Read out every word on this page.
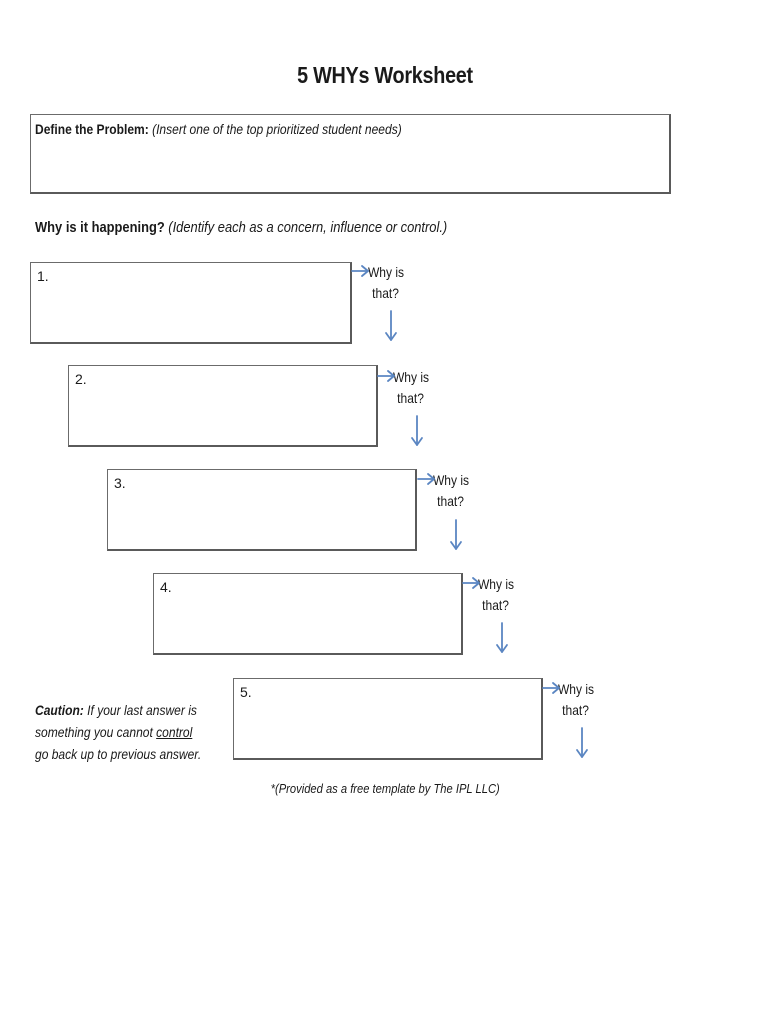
5 WHYs Worksheet
Define the Problem: (Insert one of the top prioritized student needs)
Why is it happening? (Identify each as a concern, influence or control.)
1.	Why is
that?
2.	Why is
that?
3.	Why is
that?
4.	Why is
that?
5.	Why is
that?
Caution: If your last answer is
something you cannot control
go back up to previous answer.
*(Provided as a free template by The IPL LLC)
